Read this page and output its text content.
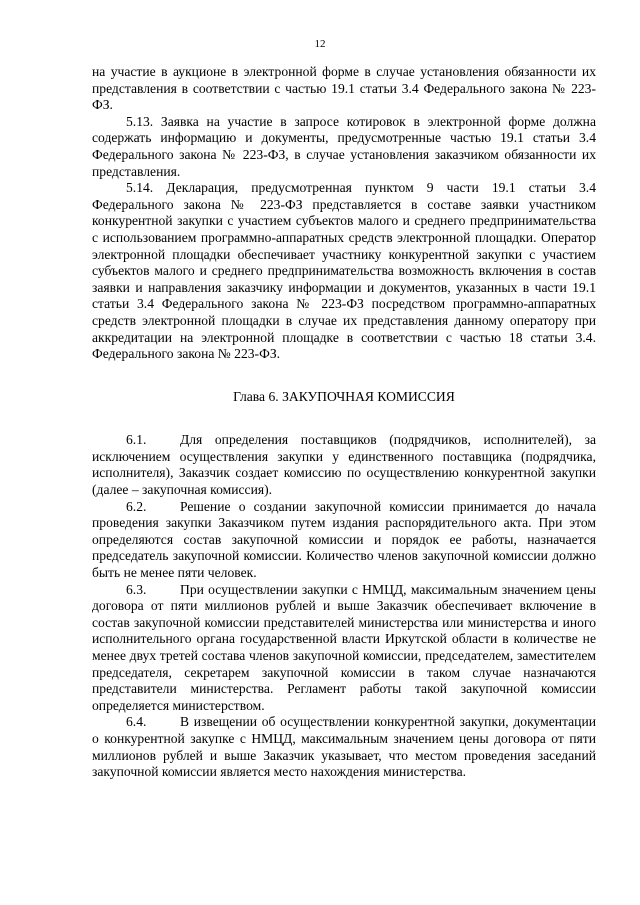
12

на участие в аукционе в электронной форме в случае установления обязанности их представления в соответствии с частью 19.1 статьи 3.4 Федерального закона № 223-ФЗ.

5.13. Заявка на участие в запросе котировок в электронной форме должна содержать информацию и документы, предусмотренные частью 19.1 статьи 3.4 Федерального закона № 223-ФЗ, в случае установления заказчиком обязанности их представления.

5.14. Декларация, предусмотренная пунктом 9 части 19.1 статьи 3.4 Федерального закона № 223-ФЗ представляется в составе заявки участником конкурентной закупки с участием субъектов малого и среднего предпринимательства с использованием программно-аппаратных средств электронной площадки. Оператор электронной площадки обеспечивает участнику конкурентной закупки с участием субъектов малого и среднего предпринимательства возможность включения в состав заявки и направления заказчику информации и документов, указанных в части 19.1 статьи 3.4 Федерального закона № 223-ФЗ посредством программно-аппаратных средств электронной площадки в случае их представления данному оператору при аккредитации на электронной площадке в соответствии с частью 18 статьи 3.4. Федерального закона № 223-ФЗ.

Глава 6. ЗАКУПОЧНАЯ КОМИССИЯ

6.1. Для определения поставщиков (подрядчиков, исполнителей), за исключением осуществления закупки у единственного поставщика (подрядчика, исполнителя), Заказчик создает комиссию по осуществлению конкурентной закупки (далее – закупочная комиссия).

6.2. Решение о создании закупочной комиссии принимается до начала проведения закупки Заказчиком путем издания распорядительного акта. При этом определяются состав закупочной комиссии и порядок ее работы, назначается председатель закупочной комиссии. Количество членов закупочной комиссии должно быть не менее пяти человек.

6.3. При осуществлении закупки с НМЦД, максимальным значением цены договора от пяти миллионов рублей и выше Заказчик обеспечивает включение в состав закупочной комиссии представителей министерства или министерства и иного исполнительного органа государственной власти Иркутской области в количестве не менее двух третей состава членов закупочной комиссии, председателем, заместителем председателя, секретарем закупочной комиссии в таком случае назначаются представители министерства. Регламент работы такой закупочной комиссии определяется министерством.

6.4. В извещении об осуществлении конкурентной закупки, документации о конкурентной закупке с НМЦД, максимальным значением цены договора от пяти миллионов рублей и выше Заказчик указывает, что местом проведения заседаний закупочной комиссии является место нахождения министерства.
